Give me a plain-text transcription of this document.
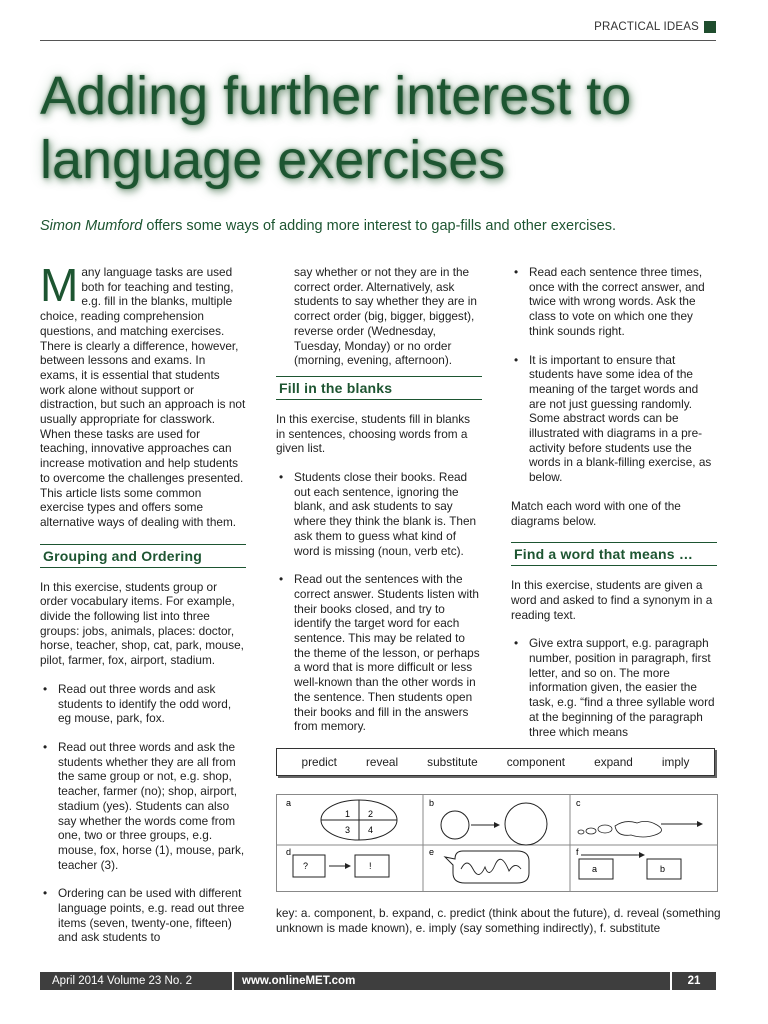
PRACTICAL IDEAS
Adding further interest to language exercises
Simon Mumford offers some ways of adding more interest to gap-fills and other exercises.

M any language tasks are used both for teaching and testing, e.g. fill in the blanks, multiple choice, reading comprehension questions, and matching exercises. There is clearly a difference, however, between lessons and exams. In exams, it is essential that students work alone without support or distraction, but such an approach is not usually appropriate for classwork. When these tasks are used for teaching, innovative approaches can increase motivation and help students to overcome the challenges presented. This article lists some common exercise types and offers some alternative ways of dealing with them.

Grouping and Ordering

In this exercise, students group or order vocabulary items. For example, divide the following list into three groups: jobs, animals, places: doctor, horse, teacher, shop, cat, park, mouse, pilot, farmer, fox, airport, stadium.

• Read out three words and ask students to identify the odd word, eg mouse, park, fox.
• Read out three words and ask the students whether they are all from the same group or not, e.g. shop, teacher, farmer (no); shop, airport, stadium (yes). Students can also say whether the words come from one, two or three groups, e.g. mouse, fox, horse (1), mouse, park, teacher (3).
• Ordering can be used with different language points, e.g. read out three items (seven, twenty-one, fifteen) and ask students to
say whether or not they are in the correct order. Alternatively, ask students to say whether they are in correct order (big, bigger, biggest), reverse order (Wednesday, Tuesday, Monday) or no order (morning, evening, afternoon).
Fill in the blanks

In this exercise, students fill in blanks in sentences, choosing words from a given list.

• Students close their books. Read out each sentence, ignoring the blank, and ask students to say where they think the blank is. Then ask them to guess what kind of word is missing (noun, verb etc).
• Read out the sentences with the correct answer. Students listen with their books closed, and try to identify the target word for each sentence. This may be related to the theme of the lesson, or perhaps a word that is more difficult or less well-known than the other words in the sentence. Then students open their books and fill in the answers from memory.
• Read each sentence three times, once with the correct answer, and twice with wrong words. Ask the class to vote on which one they think sounds right.
• It is important to ensure that students have some idea of the meaning of the target words and are not just guessing randomly. Some abstract words can be illustrated with diagrams in a pre-activity before students use the words in a blank-filling exercise, as below.

Match each word with one of the diagrams below.

Find a word that means …

In this exercise, students are given a word and asked to find a synonym in a reading text.

• Give extra support, e.g. paragraph number, position in paragraph, first letter, and so on. The more information given, the easier the task, e.g. “find a three syllable word at the beginning of the paragraph three which means
predict reveal substitute component expand imply
a
1 2
3 4
b	c
d
?	!
e	f
a	b
key: a. component, b. expand, c. predict (think about the future), d. reveal (something unknown is made known), e. imply (say something indirectly), f. substitute
April 2014 Volume 23 No. 2	www.onlineMET.com	21
